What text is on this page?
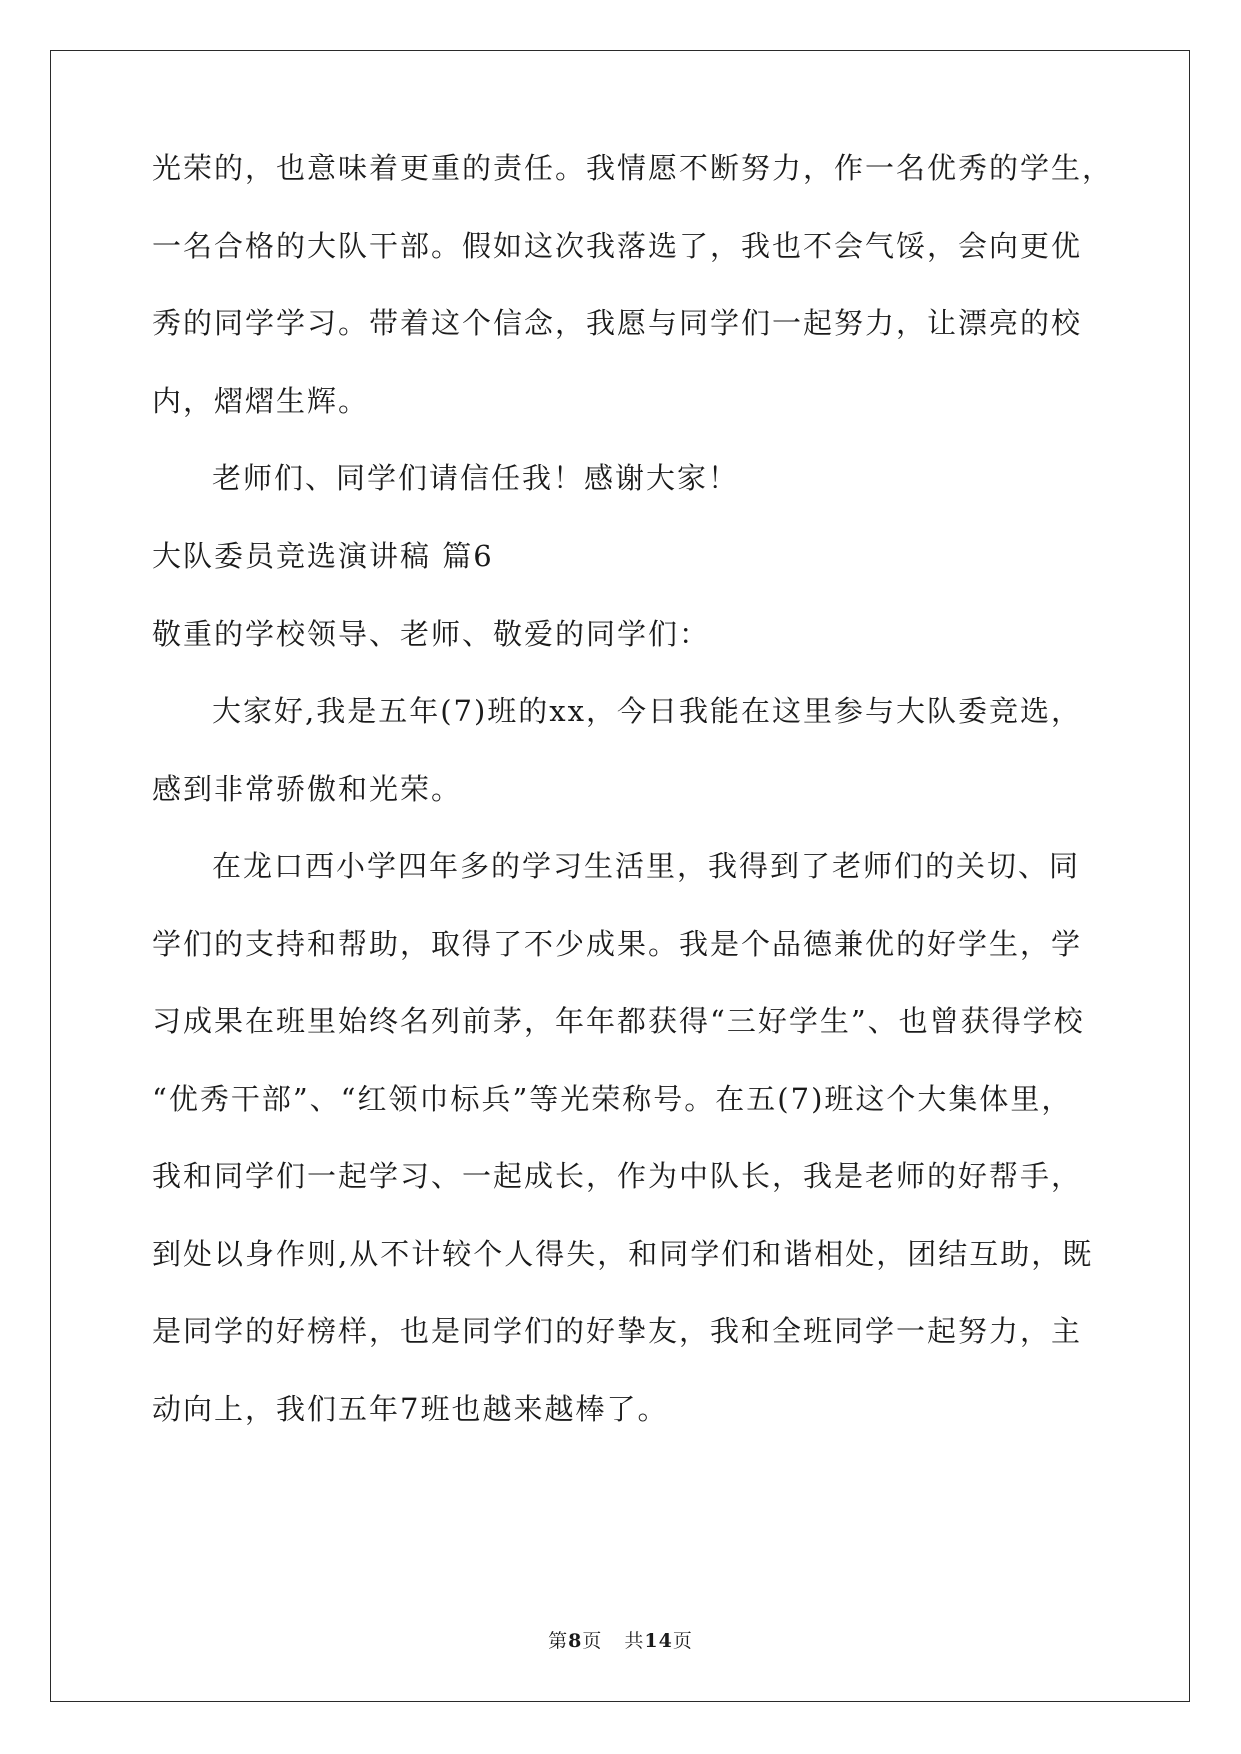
光荣的，也意味着更重的责任。我情愿不断努力，作一名优秀的学生，
一名合格的大队干部。假如这次我落选了，我也不会气馁，会向更优
秀的同学学习。带着这个信念，我愿与同学们一起努力，让漂亮的校
内，熠熠生辉。
老师们、同学们请信任我！感谢大家！
大队委员竞选演讲稿 篇6
敬重的学校领导、老师、敬爱的同学们：
大家好,我是五年(7)班的xx，今日我能在这里参与大队委竞选，
感到非常骄傲和光荣。
在龙口西小学四年多的学习生活里，我得到了老师们的关切、同
学们的支持和帮助，取得了不少成果。我是个品德兼优的好学生，学
习成果在班里始终名列前茅，年年都获得“三好学生”、也曾获得学校
“优秀干部”、“红领巾标兵”等光荣称号。在五(7)班这个大集体里，
我和同学们一起学习、一起成长，作为中队长，我是老师的好帮手，
到处以身作则,从不计较个人得失，和同学们和谐相处，团结互助，既
是同学的好榜样，也是同学们的好挚友，我和全班同学一起努力，主
动向上，我们五年7班也越来越棒了。
第8页 共14页
